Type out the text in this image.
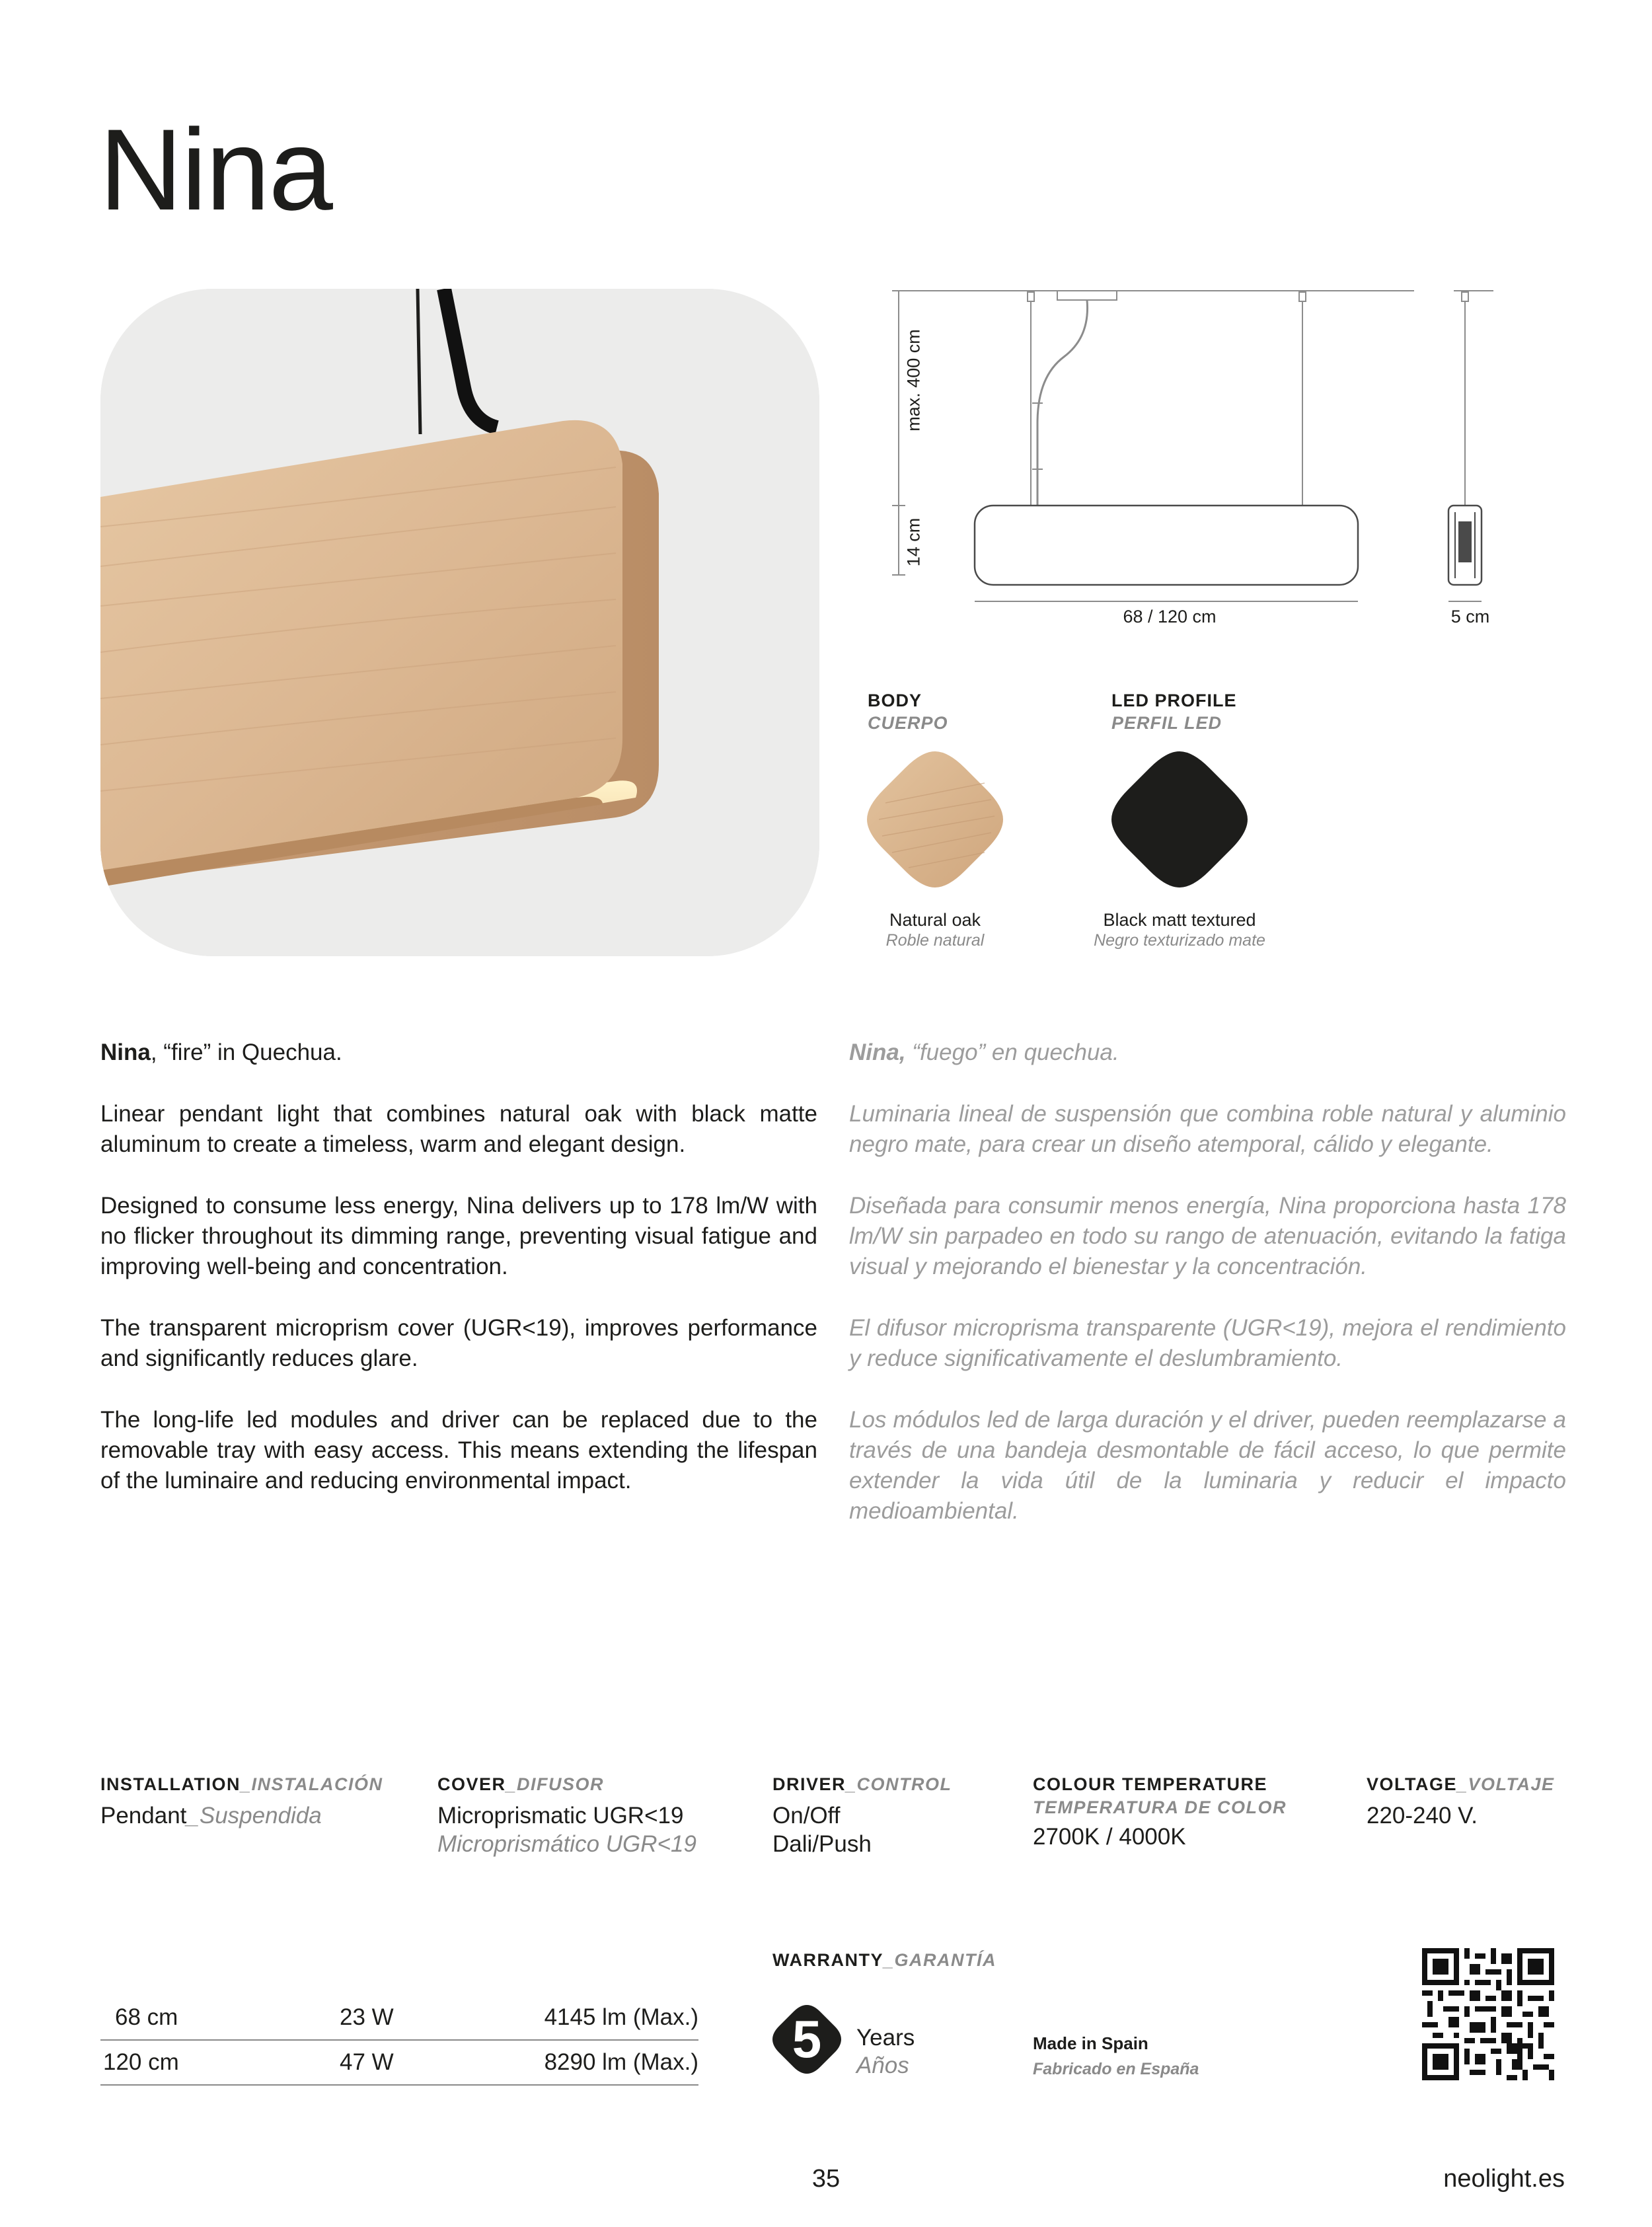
Nina
max. 400 cm
14 cm
68 / 120 cm	5 cm
BODY
CUERPO
LED PROFILE
PERFIL LED
Natural oak
Roble natural
Black matt textured
Negro texturizado mate

Nina, “fire” in Quechua.

Linear pendant light that combines natural oak with black matte aluminum to create a timeless, warm and elegant design.

Designed to consume less energy, Nina delivers up to 178 lm/W with no flicker throughout its dimming range, preventing visual fatigue and improving well-being and concentration.

The transparent microprism cover (UGR<19), improves performance and significantly reduces glare.

The long-life led modules and driver can be replaced due to the removable tray with easy access. This means extending the lifespan of the luminaire and reducing environmental impact.

Nina, “fuego” en quechua.

Luminaria lineal de suspensión que combina roble natural y aluminio negro mate, para crear un diseño atemporal, cálido y elegante.

Diseñada para consumir menos energía, Nina proporciona hasta 178 lm/W sin parpadeo en todo su rango de atenuación, evitando la fatiga visual y mejorando el bienestar y la concentración.

El difusor microprisma transparente (UGR<19), mejora el rendimiento y reduce significativamente el deslumbramiento.

Los módulos led de larga duración y el driver, pueden reemplazarse a través de una bandeja desmontable de fácil acceso, lo que permite extender la vida útil de la luminaria y reducir el impacto medioambiental.

INSTALLATION_INSTALACIÓN
Pendant_Suspendida
COVER_DIFUSOR
Microprismatic UGR<19
Microprismático UGR<19
DRIVER_CONTROL
On/Off
Dali/Push
COLOUR TEMPERATURE
TEMPERATURA DE COLOR
2700K / 4000K
VOLTAGE_VOLTAJE
220-240 V.
68 cm	23 W	4145 lm (Max.)
120 cm	47 W	8290 lm (Max.)
WARRANTY_GARANTÍA
5	Years
Años
Made in Spain
Fabricado en España
35	neolight.es
